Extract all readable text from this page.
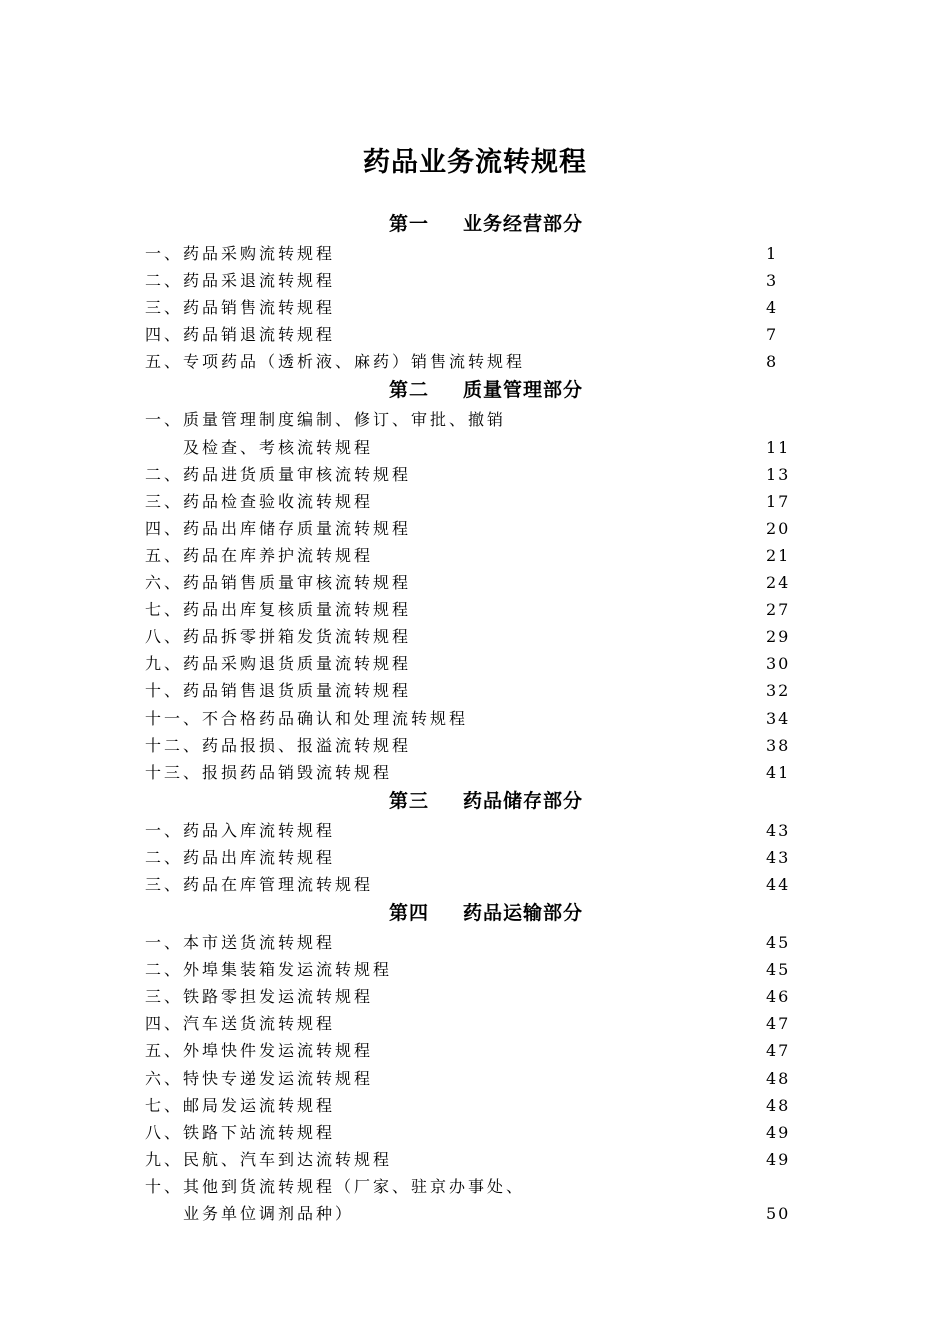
药品业务流转规程
第一 业务经营部分
一、药品采购流转规程	1
二、药品采退流转规程	3
三、药品销售流转规程	4
四、药品销退流转规程	7
五、专项药品（透析液、麻药）销售流转规程	8
第二 质量管理部分
一、质量管理制度编制、修订、审批、撤销
及检查、考核流转规程	11
二、药品进货质量审核流转规程	13
三、药品检查验收流转规程	17
四、药品出库储存质量流转规程	20
五、药品在库养护流转规程	21
六、药品销售质量审核流转规程	24
七、药品出库复核质量流转规程	27
八、药品拆零拼箱发货流转规程	29
九、药品采购退货质量流转规程	30
十、药品销售退货质量流转规程	32
十一、不合格药品确认和处理流转规程	34
十二、药品报损、报溢流转规程	38
十三、报损药品销毁流转规程	41
第三 药品储存部分
一、药品入库流转规程	43
二、药品出库流转规程	43
三、药品在库管理流转规程	44
第四 药品运输部分
一、本市送货流转规程	45
二、外埠集装箱发运流转规程	45
三、铁路零担发运流转规程	46
四、汽车送货流转规程	47
五、外埠快件发运流转规程	47
六、特快专递发运流转规程	48
七、邮局发运流转规程	48
八、铁路下站流转规程	49
九、民航、汽车到达流转规程	49
十、其他到货流转规程（厂家、驻京办事处、
业务单位调剂品种）	50
